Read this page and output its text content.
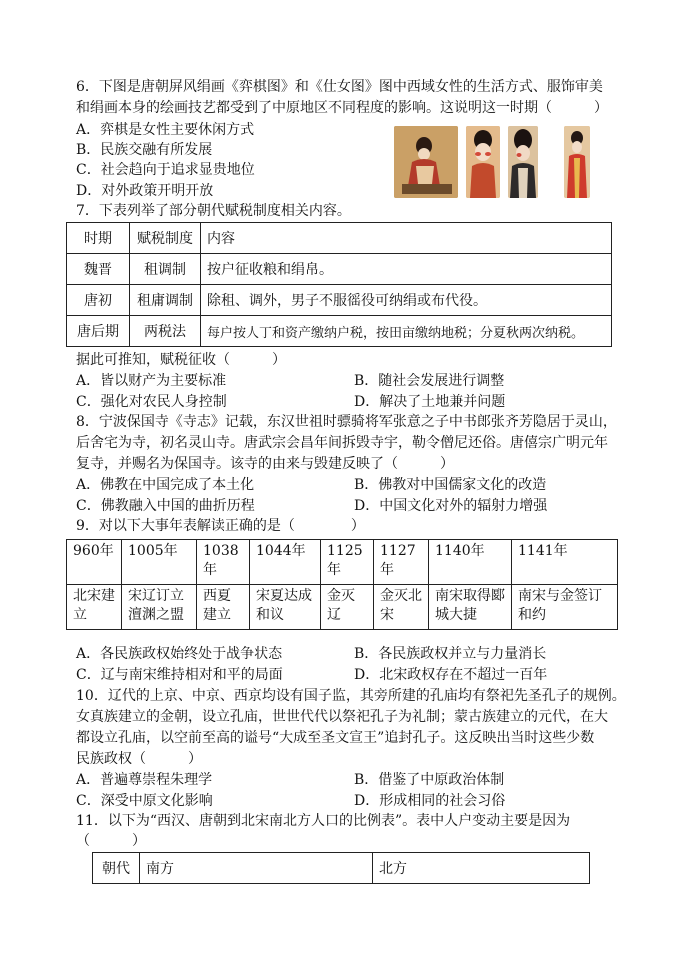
6．下图是唐朝屏风绢画《弈棋图》和《仕女图》图中西域女性的生活方式、服饰审美
和绢画本身的绘画技艺都受到了中原地区不同程度的影响。这说明这一时期（　　　）
A．弈棋是女性主要休闲方式
B．民族交融有所发展
C．社会趋向于追求显贵地位
D．对外政策开明开放
7．下表列举了部分朝代赋税制度相关内容。
时期	赋税制度	内容
魏晋	租调制	按户征收粮和绢帛。
唐初	租庸调制	除租、调外，男子不服徭役可纳绢或布代役。
唐后期	两税法	每户按人丁和资产缴纳户税，按田亩缴纳地税；分夏秋两次纳税。
据此可推知，赋税征收（　　　）
A．皆以财产为主要标准	B．随社会发展进行调整
C．强化对农民人身控制	D．解决了土地兼并问题
8．宁波保国寺《寺志》记载，东汉世祖时骠骑将军张意之子中书郎张齐芳隐居于灵山，
后舍宅为寺，初名灵山寺。唐武宗会昌年间拆毁寺宇，勒令僧尼还俗。唐僖宗广明元年
复寺，并赐名为保国寺。该寺的由来与毁建反映了（　　　）
A．佛教在中国完成了本土化	B．佛教对中国儒家文化的改造
C．佛教融入中国的曲折历程	D．中国文化对外的辐射力增强
9．对以下大事年表解读正确的是（　　　　）
960年	1005年	1038年	1044年	1125年	1127年	1140年	1141年
北宋建立	宋辽订立澶渊之盟	西夏建立	宋夏达成和议	金灭辽	金灭北宋	南宋取得郾城大捷	南宋与金签订和约
A．各民族政权始终处于战争状态	B．各民族政权并立与力量消长
C．辽与南宋维持相对和平的局面	D．北宋政权存在不超过一百年
10．辽代的上京、中京、西京均设有国子监，其旁所建的孔庙均有祭祀先圣孔子的规例。
女真族建立的金朝，设立孔庙，世世代代以祭祀孔子为礼制；蒙古族建立的元代，在大
都设立孔庙，以空前至高的谥号“大成至圣文宣王”追封孔子。这反映出当时这些少数
民族政权（　　　）
A．普遍尊崇程朱理学	B．借鉴了中原政治体制
C．深受中原文化影响	D．形成相同的社会习俗
11．以下为“西汉、唐朝到北宋南北方人口的比例表”。表中人户变动主要是因为
（　　　）
朝代	南方	北方
